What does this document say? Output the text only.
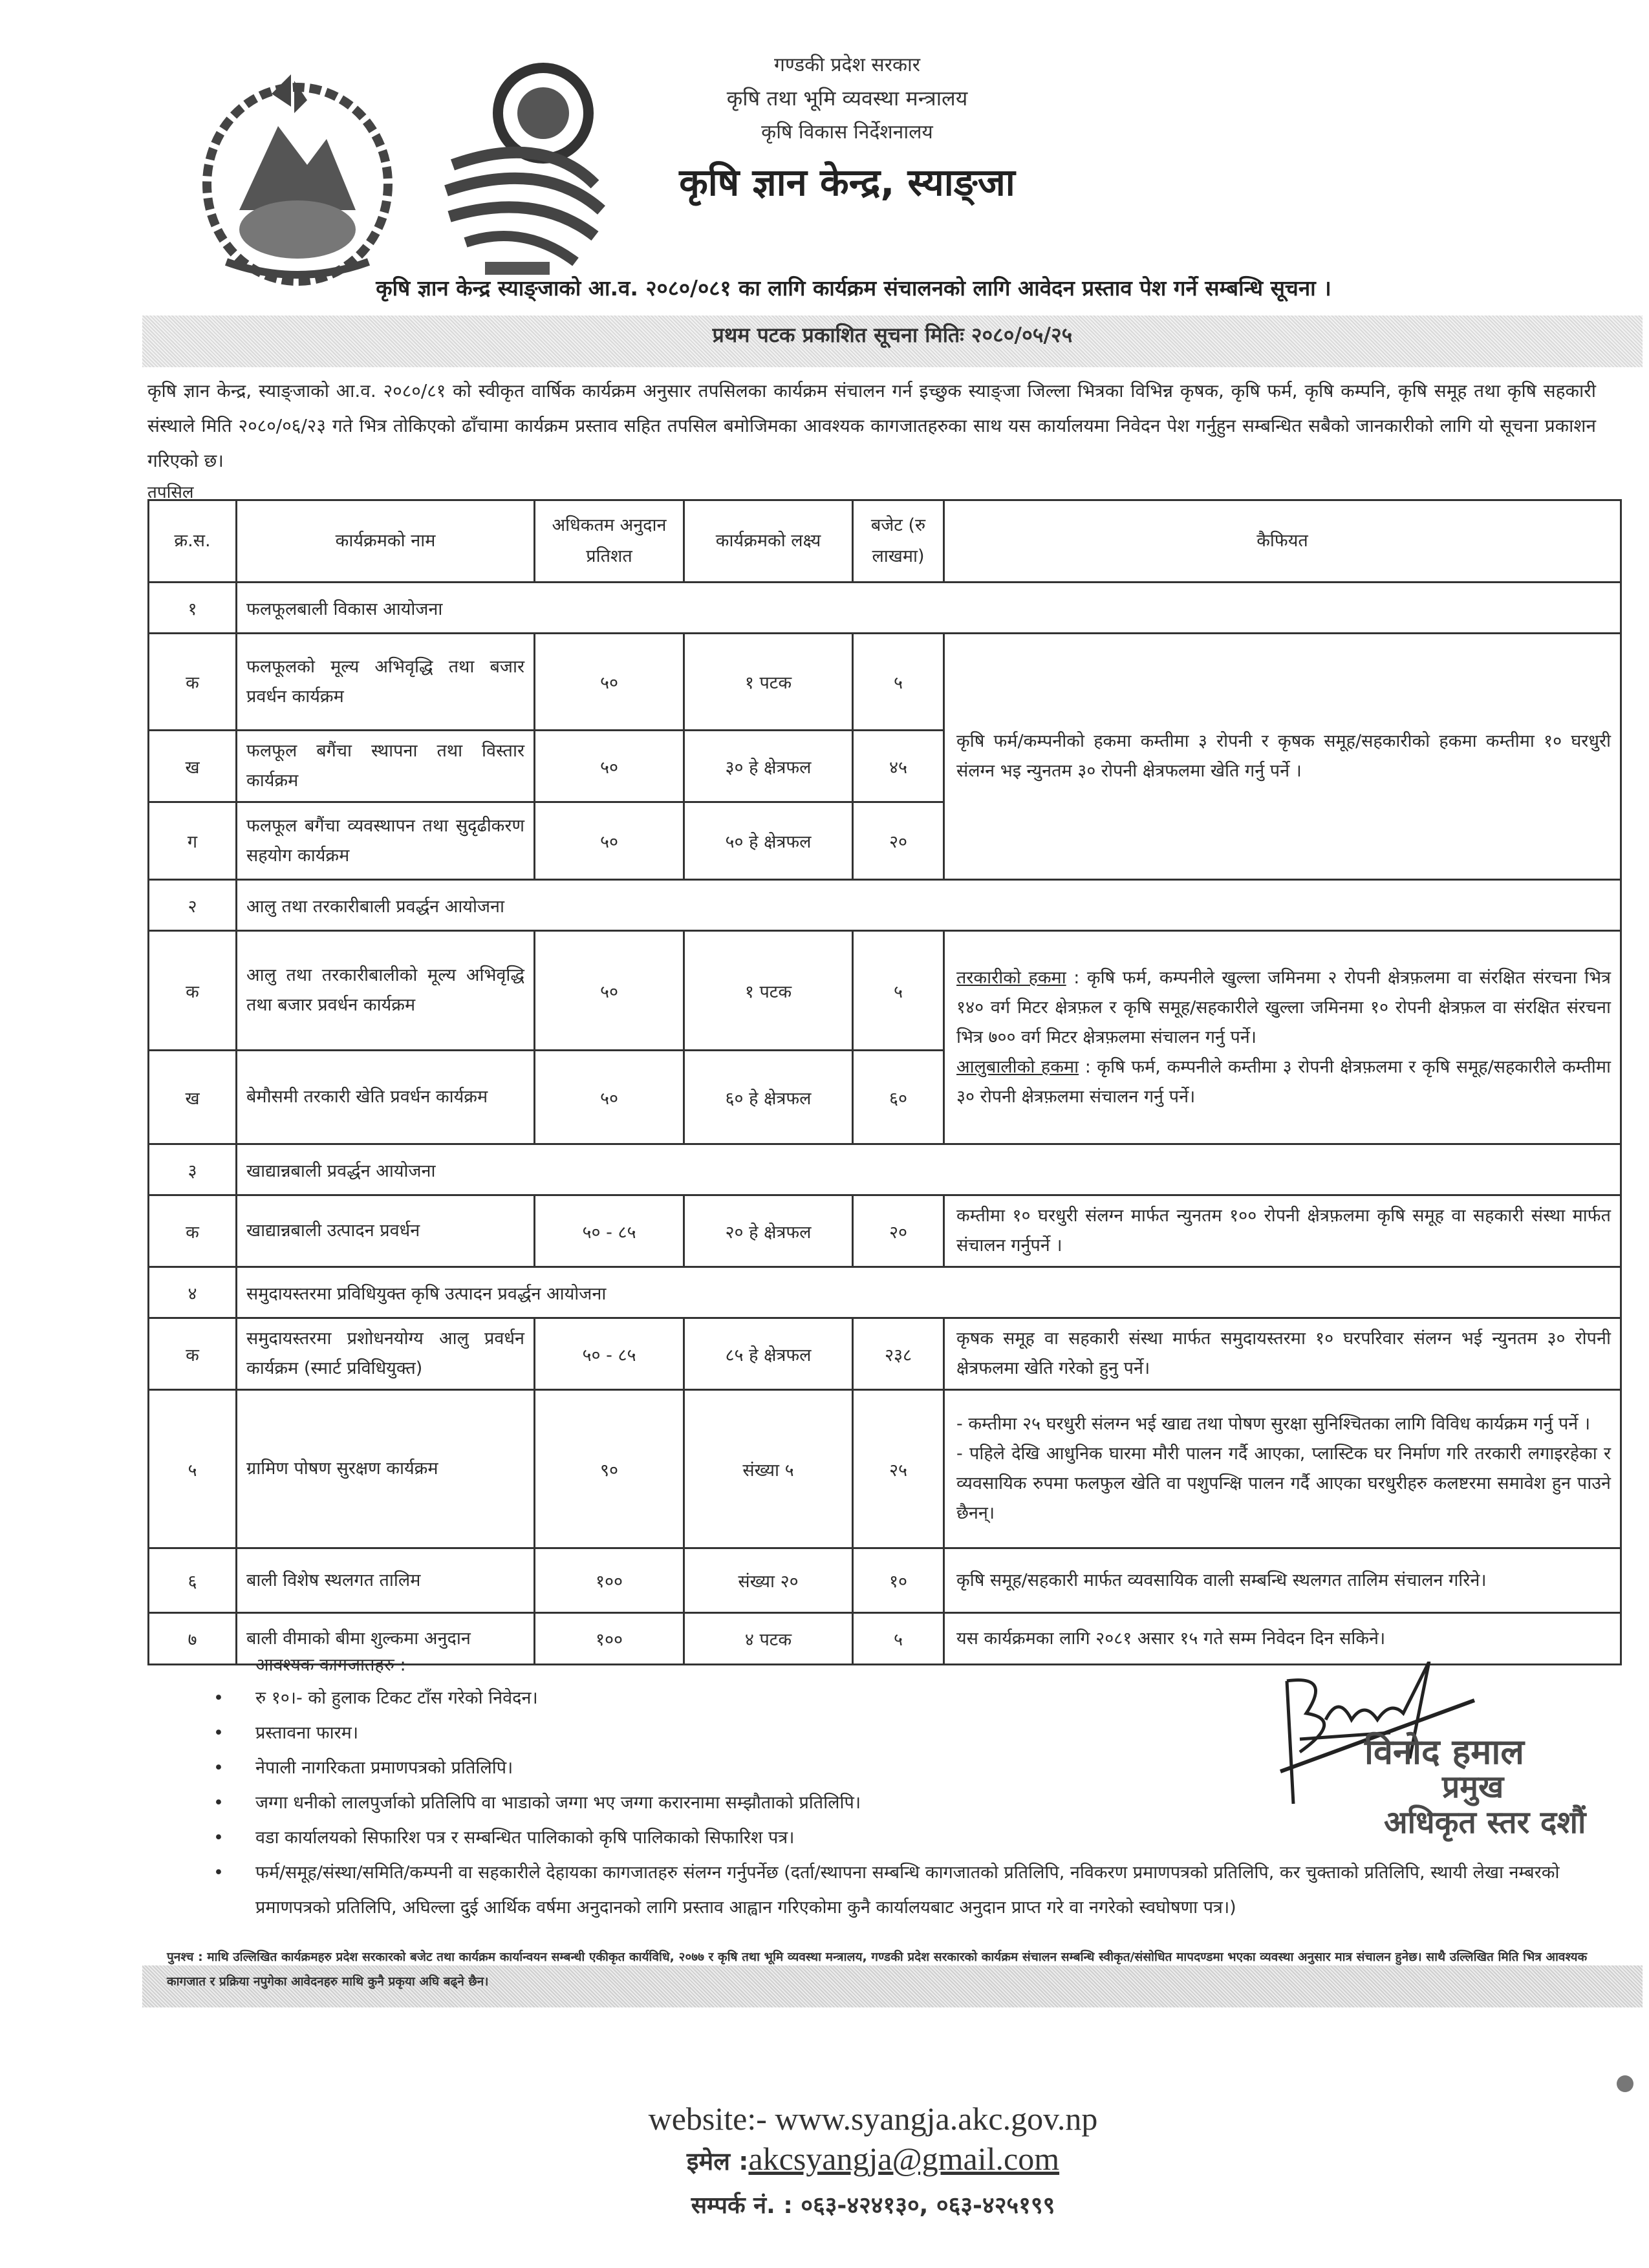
गण्डकी प्रदेश सरकार
कृषि तथा भूमि व्यवस्था मन्त्रालय
कृषि विकास निर्देशनालय
कृषि ज्ञान केन्द्र, स्याङ्जा
कृषि ज्ञान केन्द्र स्याङ्जाको आ.व. २०८०/०८१ का लागि कार्यक्रम संचालनको लागि आवेदन प्रस्ताव पेश गर्ने सम्बन्धि सूचना ।
प्रथम पटक प्रकाशित सूचना मितिः २०८०/०५/२५
कृषि ज्ञान केन्द्र, स्याङ्जाको आ.व. २०८०/८१ को स्वीकृत वार्षिक कार्यक्रम अनुसार तपसिलका कार्यक्रम संचालन गर्न इच्छुक स्याङ्जा जिल्ला भित्रका विभिन्न कृषक, कृषि फर्म, कृषि कम्पनि, कृषि समूह तथा कृषि सहकारी संस्थाले मिति २०८०/०६/२३ गते भित्र तोकिएको ढाँचामा कार्यक्रम प्रस्ताव सहित तपसिल बमोजिमका आवश्यक कागजातहरुका साथ यस कार्यालयमा निवेदन पेश गर्नुहुन सम्बन्धित सबैको जानकारीको लागि यो सूचना प्रकाशन गरिएको छ।
तपसिल
क्र.स.	कार्यक्रमको नाम	अधिकतम अनुदान प्रतिशत	कार्यक्रमको लक्ष्य	बजेट (रु लाखमा)	कैफियत
१	फलफूलबाली विकास आयोजना				
क	फलफूलको मूल्य अभिवृद्धि तथा बजार प्रवर्धन कार्यक्रम	५०	१ पटक	५	कृषि फर्म/कम्पनीको हकमा कम्तीमा ३ रोपनी र कृषक समूह/सहकारीको हकमा कम्तीमा १० घरधुरी संलग्न भइ न्युनतम ३० रोपनी क्षेत्रफलमा खेति गर्नु पर्ने ।
ख	फलफूल बगैंचा स्थापना तथा विस्तार कार्यक्रम	५०	३० हे क्षेत्रफल	४५	
ग	फलफूल बगैंचा व्यवस्थापन तथा सुदृढीकरण सहयोग कार्यक्रम	५०	५० हे क्षेत्रफल	२०	
२	आलु तथा तरकारीबाली प्रवर्द्धन आयोजना				
क	आलु तथा तरकारीबालीको मूल्य अभिवृद्धि तथा बजार प्रवर्धन कार्यक्रम	५०	१ पटक	५	तरकारीको हकमा : कृषि फर्म, कम्पनीले खुल्ला जमिनमा २ रोपनी क्षेत्रफ़लमा वा संरक्षित संरचना भित्र १४० वर्ग मिटर क्षेत्रफ़ल र कृषि समूह/सहकारीले खुल्ला जमिनमा १० रोपनी क्षेत्रफ़ल वा संरक्षित संरचना भित्र ७०० वर्ग मिटर क्षेत्रफ़लमा संचालन गर्नु पर्ने।
आलुबालीको हकमा : कृषि फर्म, कम्पनीले कम्तीमा ३ रोपनी क्षेत्रफ़लमा र कृषि समूह/सहकारीले कम्तीमा ३० रोपनी क्षेत्रफ़लमा संचालन गर्नु पर्ने।
ख	बेमौसमी तरकारी खेति प्रवर्धन कार्यक्रम	५०	६० हे क्षेत्रफल	६०	
३	खाद्यान्नबाली प्रवर्द्धन आयोजना				
क	खाद्यान्नबाली उत्पादन प्रवर्धन	५० - ८५	२० हे क्षेत्रफल	२०	कम्तीमा १० घरधुरी संलग्न मार्फत न्युनतम १०० रोपनी क्षेत्रफ़लमा कृषि समूह वा सहकारी संस्था मार्फत संचालन गर्नुपर्ने ।
४	समुदायस्तरमा प्रविधियुक्त कृषि उत्पादन प्रवर्द्धन आयोजना				
क	समुदायस्तरमा प्रशोधनयोग्य आलु प्रवर्धन कार्यक्रम (स्मार्ट प्रविधियुक्त)	५० - ८५	८५ हे क्षेत्रफल	२३८	कृषक समूह वा सहकारी संस्था मार्फत समुदायस्तरमा १० घरपरिवार संलग्न भई न्युनतम ३० रोपनी क्षेत्रफलमा खेति गरेको हुनु पर्ने।
५	ग्रामिण पोषण सुरक्षण कार्यक्रम	९०	संख्या ५	२५	- कम्तीमा २५ घरधुरी संलग्न भई खाद्य तथा पोषण सुरक्षा सुनिश्चितका लागि विविध कार्यक्रम गर्नु पर्ने ।
- पहिले देखि आधुनिक घारमा मौरी पालन गर्दै आएका, प्लास्टिक घर निर्माण गरि तरकारी लगाइरहेका र व्यवसायिक रुपमा फलफुल खेति वा पशुपन्क्षि पालन गर्दै आएका घरधुरीहरु कलष्टरमा समावेश हुन पाउने छैनन्।

६	बाली विशेष स्थलगत तालिम	१००	संख्या २०	१०	कृषि समूह/सहकारी मार्फत व्यवसायिक वाली सम्बन्धि स्थलगत तालिम संचालन गरिने।
७	बाली वीमाको बीमा शुल्कमा अनुदान	१००	४ पटक	५	यस कार्यक्रमका लागि २०८१ असार १५ गते सम्म निवेदन दिन सकिने।
आवश्यक कागजातहरु :
• रु १०।- को हुलाक टिकट टाँस गरेको निवेदन।
• प्रस्तावना फारम।
• नेपाली नागरिकता प्रमाणपत्रको प्रतिलिपि।
• जग्गा धनीको लालपुर्जाको प्रतिलिपि वा भाडाको जग्गा भए जग्गा करारनामा सम्झौताको प्रतिलिपि।
• वडा कार्यालयको सिफारिश पत्र र सम्बन्धित पालिकाको कृषि पालिकाको सिफारिश पत्र।
• फर्म/समूह/संस्था/समिति/कम्पनी वा सहकारीले देहायका कागजातहरु संलग्न गर्नुपर्नेछ (दर्ता/स्थापना सम्बन्धि कागजातको प्रतिलिपि, नविकरण प्रमाणपत्रको प्रतिलिपि, कर चुक्ताको प्रतिलिपि, स्थायी लेखा नम्बरको प्रमाणपत्रको प्रतिलिपि, अघिल्ला दुई आर्थिक वर्षमा अनुदानको लागि प्रस्ताव आह्वान गरिएकोमा कुनै कार्यालयबाट अनुदान प्राप्त गरे वा नगरेको स्वघोषणा पत्र।)
विनोद हमाल
प्रमुख
अधिकृत स्तर दशौं
पुनश्च : माथि उल्लिखित कार्यक्रमहरु प्रदेश सरकारको बजेट तथा कार्यक्रम कार्यान्वयन सम्बन्धी एकीकृत कार्यविधि, २०७७ र कृषि तथा भूमि व्यवस्था मन्त्रालय, गण्डकी प्रदेश सरकारको कार्यक्रम संचालन सम्बन्धि स्वीकृत/संसोधित मापदण्डमा भएका व्यवस्था अनुसार मात्र संचालन हुनेछ। साथै उल्लिखित मिति भित्र आवश्यक कागजात र प्रक्रिया नपुगेका आवेदनहरु माथि कुनै प्रकृया अघि बढ्ने छैन।
website:- www.syangja.akc.gov.np
इमेल :akcsyangja@gmail.com
सम्पर्क नं. : ०६३-४२४१३०, ०६३-४२५१९९
